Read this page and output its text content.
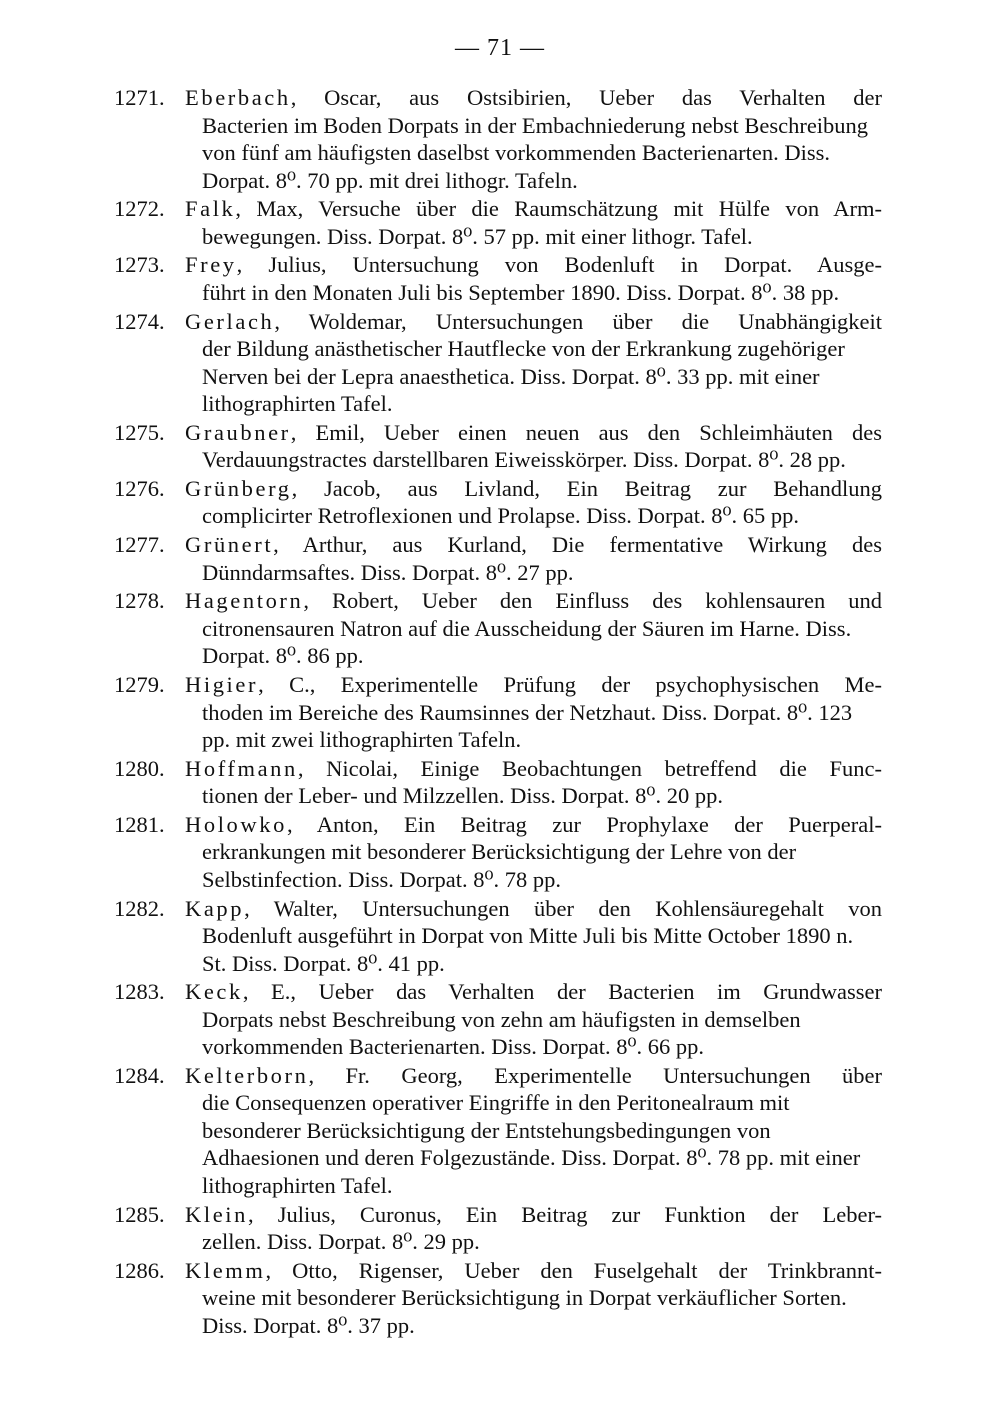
— 71 —
1271. Eberbach, Oscar, aus Ostsibirien, Ueber das Verhalten der
Bacterien im Boden Dorpats in der Embachniederung nebst Beschreibung von fünf am häufigsten daselbst vorkommenden Bacterienarten. Diss. Dorpat. 8⁰. 70 pp. mit drei lithogr. Tafeln.
1272. Falk, Max, Versuche über die Raumschätzung mit Hülfe von Arm-
bewegungen. Diss. Dorpat. 8⁰. 57 pp. mit einer lithogr. Tafel.
1273. Frey, Julius, Untersuchung von Bodenluft in Dorpat. Ausge-
führt in den Monaten Juli bis September 1890. Diss. Dorpat. 8⁰. 38 pp.
1274. Gerlach, Woldemar, Untersuchungen über die Unabhängigkeit
der Bildung anästhetischer Hautflecke von der Erkrankung zugehöriger Nerven bei der Lepra anaesthetica. Diss. Dorpat. 8⁰. 33 pp. mit einer lithographirten Tafel.
1275. Graubner, Emil, Ueber einen neuen aus den Schleimhäuten des
Verdauungstractes darstellbaren Eiweisskörper. Diss. Dorpat. 8⁰. 28 pp.
1276. Grünberg, Jacob, aus Livland, Ein Beitrag zur Behandlung
complicirter Retroflexionen und Prolapse. Diss. Dorpat. 8⁰. 65 pp.
1277. Grünert, Arthur, aus Kurland, Die fermentative Wirkung des
Dünndarmsaftes. Diss. Dorpat. 8⁰. 27 pp.
1278. Hagentorn, Robert, Ueber den Einfluss des kohlensauren und
citronensauren Natron auf die Ausscheidung der Säuren im Harne. Diss. Dorpat. 8⁰. 86 pp.
1279. Higier, C., Experimentelle Prüfung der psychophysischen Me-
thoden im Bereiche des Raumsinnes der Netzhaut. Diss. Dorpat. 8⁰. 123 pp. mit zwei lithographirten Tafeln.
1280. Hoffmann, Nicolai, Einige Beobachtungen betreffend die Func-
tionen der Leber- und Milzzellen. Diss. Dorpat. 8⁰. 20 pp.
1281. Holowko, Anton, Ein Beitrag zur Prophylaxe der Puerperal-
erkrankungen mit besonderer Berücksichtigung der Lehre von der Selbstinfection. Diss. Dorpat. 8⁰. 78 pp.
1282. Kapp, Walter, Untersuchungen über den Kohlensäuregehalt von
Bodenluft ausgeführt in Dorpat von Mitte Juli bis Mitte October 1890 n. St. Diss. Dorpat. 8⁰. 41 pp.
1283. Keck, E., Ueber das Verhalten der Bacterien im Grundwasser
Dorpats nebst Beschreibung von zehn am häufigsten in demselben vorkommenden Bacterienarten. Diss. Dorpat. 8⁰. 66 pp.
1284. Kelterborn, Fr. Georg, Experimentelle Untersuchungen über
die Consequenzen operativer Eingriffe in den Peritonealraum mit besonderer Berücksichtigung der Entstehungsbedingungen von Adhaesionen und deren Folgezustände. Diss. Dorpat. 8⁰. 78 pp. mit einer lithographirten Tafel.
1285. Klein, Julius, Curonus, Ein Beitrag zur Funktion der Leber-
zellen. Diss. Dorpat. 8⁰. 29 pp.
1286. Klemm, Otto, Rigenser, Ueber den Fuselgehalt der Trinkbrannt-
weine mit besonderer Berücksichtigung in Dorpat verkäuflicher Sorten. Diss. Dorpat. 8⁰. 37 pp.
